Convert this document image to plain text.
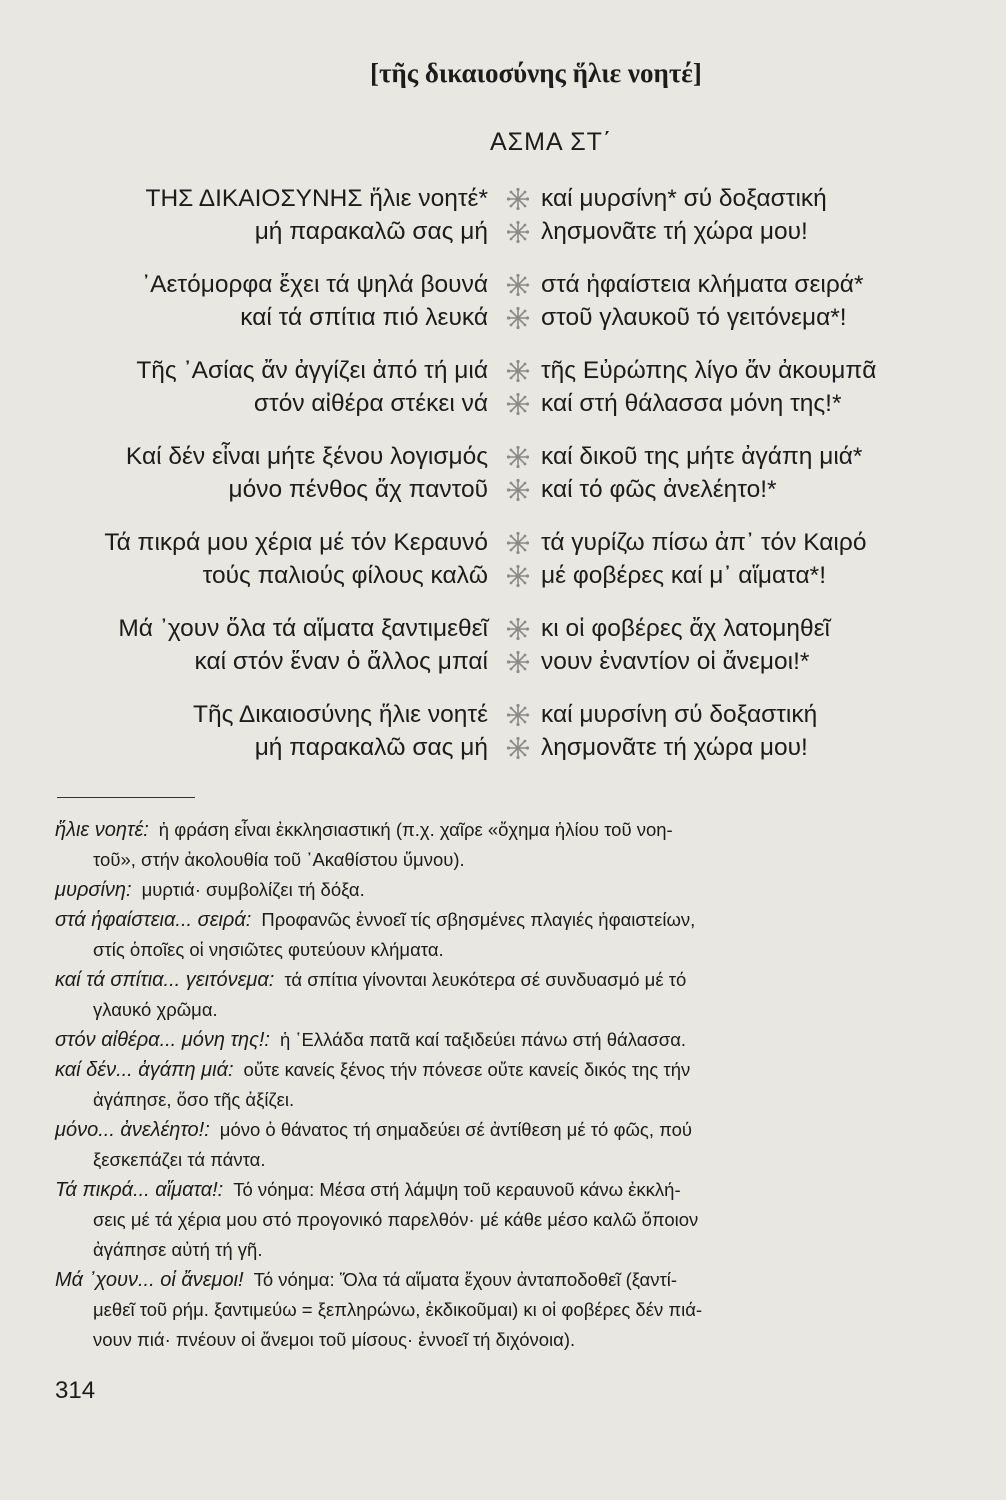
[τῆς δικαιοσύνης ἥλιε νοητέ]
ΑΣΜΑ ΣΤ΄
ΤΗΣ ΔΙΚΑΙΟΣΥΝΗΣ ἥλιε νοητέ* καί μυρσίνη* σύ δοξαστική
μή παρακαλῶ σας μή λησμονᾶτε τή χώρα μου!
᾿Αετόμορφα ἔχει τά ψηλά βουνά στά ἡφαίστεια κλήματα σειρά*
καί τά σπίτια πιό λευκά στοῦ γλαυκοῦ τό γειτόνεμα*!
Τῆς ᾿Ασίας ἄν ἀγγίζει ἀπό τή μιά τῆς Εὐρώπης λίγο ἄν ἀκουμπᾶ
στόν αἰθέρα στέκει νά καί στή θάλασσα μόνη της!*
Καί δέν εἶναι μήτε ξένου λογισμός καί δικοῦ της μήτε ἀγάπη μιά*
μόνο πένθος ἄχ παντοῦ καί τό φῶς ἀνελέητο!*
Τά πικρά μου χέρια μέ τόν Κεραυνό τά γυρίζω πίσω ἀπ᾿ τόν Καιρό
τούς παλιούς φίλους καλῶ μέ φοβέρες καί μ᾿ αἵματα*!
Μά ᾿χουν ὅλα τά αἵματα ξαντιμεθεῖ κι οἱ φοβέρες ἄχ λατομηθεῖ
καί στόν ἕναν ὁ ἄλλος μπαί νουν ἐναντίον οἱ ἄνεμοι!*
Τῆς Δικαιοσύνης ἥλιε νοητέ καί μυρσίνη σύ δοξαστική
μή παρακαλῶ σας μή λησμονᾶτε τή χώρα μου!
ἥλιε νοητέ: ἡ φράση εἶναι ἐκκλησιαστική (π.χ. χαῖρε «ὄχημα ἡλίου τοῦ νοη-
τοῦ», στήν ἀκολουθία τοῦ ᾿Ακαθίστου ὕμνου).
μυρσίνη: μυρτιά· συμβολίζει τή δόξα.
στά ἡφαίστεια... σειρά: Προφανῶς ἐννοεῖ τίς σβησμένες πλαγιές ἡφαιστείων,
στίς ὁποῖες οἱ νησιῶτες φυτεύουν κλήματα.
καί τά σπίτια... γειτόνεμα: τά σπίτια γίνονται λευκότερα σέ συνδυασμό μέ τό
γλαυκό χρῶμα.
στόν αἰθέρα... μόνη της!: ἡ ῾Ελλάδα πατᾶ καί ταξιδεύει πάνω στή θάλασσα.
καί δέν... ἀγάπη μιά: οὔτε κανείς ξένος τήν πόνεσε οὔτε κανείς δικός της τήν
ἀγάπησε, ὅσο τῆς ἀξίζει.
μόνο... ἀνελέητο!: μόνο ὁ θάνατος τή σημαδεύει σέ ἀντίθεση μέ τό φῶς, πού
ξεσκεπάζει τά πάντα.
Τά πικρά... αἵματα!: Τό νόημα: Μέσα στή λάμψη τοῦ κεραυνοῦ κάνω ἐκκλή-
σεις μέ τά χέρια μου στό προγονικό παρελθόν· μέ κάθε μέσο καλῶ ὅποιον
ἀγάπησε αὐτή τή γῆ.
Μά ᾿χουν... οἱ ἄνεμοι! Τό νόημα: Ὅλα τά αἵματα ἔχουν ἀνταποδοθεῖ (ξαντί-
μεθεῖ τοῦ ρήμ. ξαντιμεύω = ξεπληρώνω, ἐκδικοῦμαι) κι οἱ φοβέρες δέν πιά-
νουν πιά· πνέουν οἱ ἄνεμοι τοῦ μίσους· ἐννοεῖ τή διχόνοια).
314
